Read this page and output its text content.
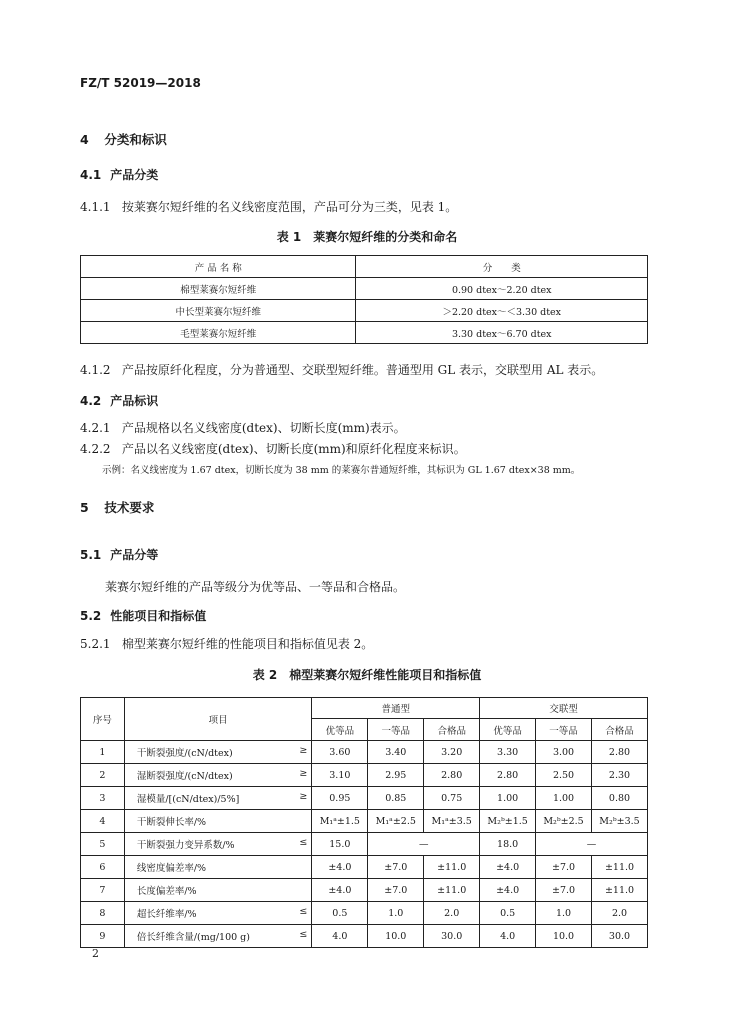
FZ/T 52019—2018
4 分类和标识
4.1 产品分类
4.1.1 按莱赛尔短纤维的名义线密度范围，产品可分为三类，见表 1。
表 1　莱赛尔短纤维的分类和命名
产 品 名 称	分　　类
棉型莱赛尔短纤维	0.90 dtex～2.20 dtex
中长型莱赛尔短纤维	＞2.20 dtex～＜3.30 dtex
毛型莱赛尔短纤维	3.30 dtex～6.70 dtex
4.1.2 产品按原纤化程度，分为普通型、交联型短纤维。普通型用 GL 表示，交联型用 AL 表示。
4.2 产品标识
4.2.1 产品规格以名义线密度(dtex)、切断长度(mm)表示。
4.2.2 产品以名义线密度(dtex)、切断长度(mm)和原纤化程度来标识。
示例：名义线密度为 1.67 dtex，切断长度为 38 mm 的莱赛尔普通短纤维，其标识为 GL 1.67 dtex×38 mm。
5 技术要求
5.1 产品分等
莱赛尔短纤维的产品等级分为优等品、一等品和合格品。
5.2 性能项目和指标值
5.2.1 棉型莱赛尔短纤维的性能项目和指标值见表 2。
表 2　棉型莱赛尔短纤维性能项目和指标值
序号	项目	普通型			交联型		
		优等品	一等品	合格品	优等品	一等品	合格品
1	干断裂强度/(cN/dtex) ≥	3.60	3.40	3.20	3.30	3.00	2.80
2	湿断裂强度/(cN/dtex) ≥	3.10	2.95	2.80	2.80	2.50	2.30
3	湿模量/[(cN/dtex)/5%] ≥	0.95	0.85	0.75	1.00	1.00	0.80
4	干断裂伸长率/%	M₁ᵃ±1.5	M₁ᵃ±2.5	M₁ᵃ±3.5	M₂ᵇ±1.5	M₂ᵇ±2.5	M₂ᵇ±3.5
5	干断裂强力变异系数/% ≤	15.0	—		18.0	—	
6	线密度偏差率/%	±4.0	±7.0	±11.0	±4.0	±7.0	±11.0
7	长度偏差率/%	±4.0	±7.0	±11.0	±4.0	±7.0	±11.0
8	超长纤维率/% ≤	0.5	1.0	2.0	0.5	1.0	2.0
9	倍长纤维含量/(mg/100 g) ≤	4.0	10.0	30.0	4.0	10.0	30.0
2
